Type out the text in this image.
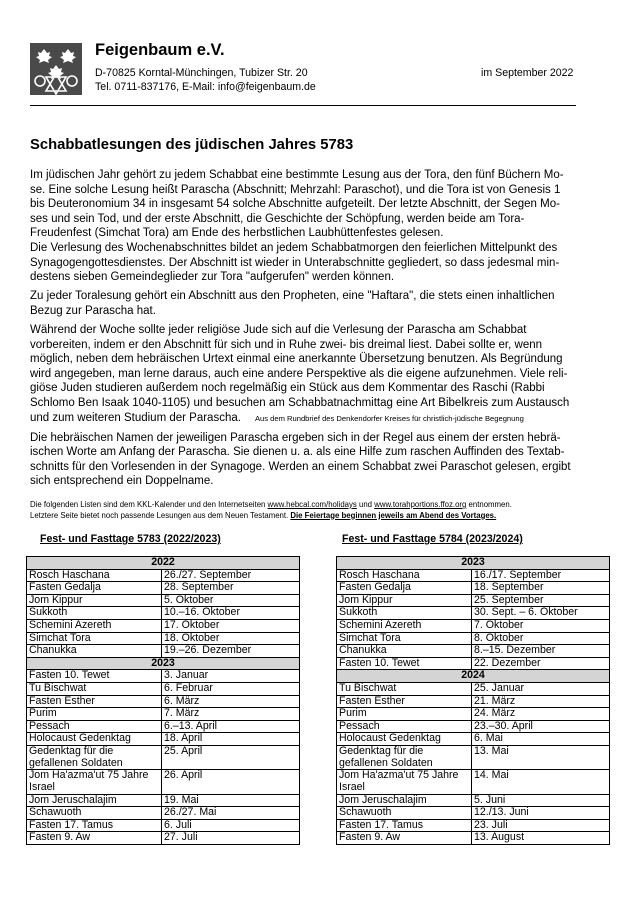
Feigenbaum e.V.
D-70825 Korntal-Münchingen, Tubizer Str. 20
Tel. 0711-837176, E-Mail: info@feigenbaum.de
im September 2022
Schabbatlesungen des jüdischen Jahres 5783

Im jüdischen Jahr gehört zu jedem Schabbat eine bestimmte Lesung aus der Tora, den fünf Büchern Mo-
se. Eine solche Lesung heißt Parascha (Abschnitt; Mehrzahl: Paraschot), und die Tora ist von Genesis 1
bis Deuteronomium 34 in insgesamt 54 solche Abschnitte aufgeteilt. Der letzte Abschnitt, der Segen Mo-
ses und sein Tod, und der erste Abschnitt, die Geschichte der Schöpfung, werden beide am Tora-
Freudenfest (Simchat Tora) am Ende des herbstlichen Laubhüttenfestes gelesen.
Die Verlesung des Wochenabschnittes bildet an jedem Schabbatmorgen den feierlichen Mittelpunkt des
Synagogengottesdienstes. Der Abschnitt ist wieder in Unterabschnitte gegliedert, so dass jedesmal min-
destens sieben Gemeindeglieder zur Tora "aufgerufen" werden können.

Zu jeder Toralesung gehört ein Abschnitt aus den Propheten, eine "Haftara", die stets einen inhaltlichen
Bezug zur Parascha hat.

Während der Woche sollte jeder religiöse Jude sich auf die Verlesung der Parascha am Schabbat
vorbereiten, indem er den Abschnitt für sich und in Ruhe zwei- bis dreimal liest. Dabei sollte er, wenn
möglich, neben dem hebräischen Urtext einmal eine anerkannte Übersetzung benutzen. Als Begründung
wird angegeben, man lerne daraus, auch eine andere Perspektive als die eigene aufzunehmen. Viele reli-
giöse Juden studieren außerdem noch regelmäßig ein Stück aus dem Kommentar des Raschi (Rabbi
Schlomo Ben Isaak 1040-1105) und besuchen am Schabbatnachmittag eine Art Bibelkreis zum Austausch
und zum weiteren Studium der Parascha. Aus dem Rundbrief des Denkendorfer Kreises für christlich-jüdische Begegnung

Die hebräischen Namen der jeweiligen Parascha ergeben sich in der Regel aus einem der ersten hebrä-
ischen Worte am Anfang der Parascha. Sie dienen u. a. als eine Hilfe zum raschen Auffinden des Textab-
schnitts für den Vorlesenden in der Synagoge. Werden an einem Schabbat zwei Paraschot gelesen, ergibt
sich entsprechend ein Doppelname.

Die folgenden Listen sind dem KKL-Kalender und den Internetseiten www.hebcal.com/holidays und www.torahportions.ffoz.org entnommen.
Letztere Seite bietet noch passende Lesungen aus dem Neuen Testament. Die Feiertage beginnen jeweils am Abend des Vortages.
Fest- und Fasttage 5783 (2022/2023)	Fest- und Fasttage 5784 (2023/2024)
2022	
Rosch Haschana	26./27. September
Fasten Gedalja	28. September
Jom Kippur	5. Oktober
Sukkoth	10.–16. Oktober
Schemini Azereth	17. Oktober
Simchat Tora	18. Oktober
Chanukka	19.–26. Dezember
2023	
Fasten 10. Tewet	3. Januar
Tu Bischwat	6. Februar
Fasten Esther	6. März
Purim	7. März
Pessach	6.–13. April
Holocaust Gedenktag	18. April
Gedenktag für die gefallenen Soldaten	25. April
Jom Ha'azma'ut 75 Jahre Israel	26. April
Jom Jeruschalajim	19. Mai
Schawuoth	26./27. Mai
Fasten 17. Tamus	6. Juli
Fasten 9. Aw	27. Juli
2023	
Rosch Haschana	16./17. September
Fasten Gedalja	18. September
Jom Kippur	25. September
Sukkoth	30. Sept. – 6. Oktober
Schemini Azereth	7. Oktober
Simchat Tora	8. Oktober
Chanukka	8.–15. Dezember
Fasten 10. Tewet	22. Dezember
2024	
Tu Bischwat	25. Januar
Fasten Esther	21. März
Purim	24. März
Pessach	23.–30. April
Holocaust Gedenktag	6. Mai
Gedenktag für die gefallenen Soldaten	13. Mai
Jom Ha'azma'ut 75 Jahre Israel	14. Mai
Jom Jeruschalajim	5. Juni
Schawuoth	12./13. Juni
Fasten 17. Tamus	23. Juli
Fasten 9. Aw	13. August
